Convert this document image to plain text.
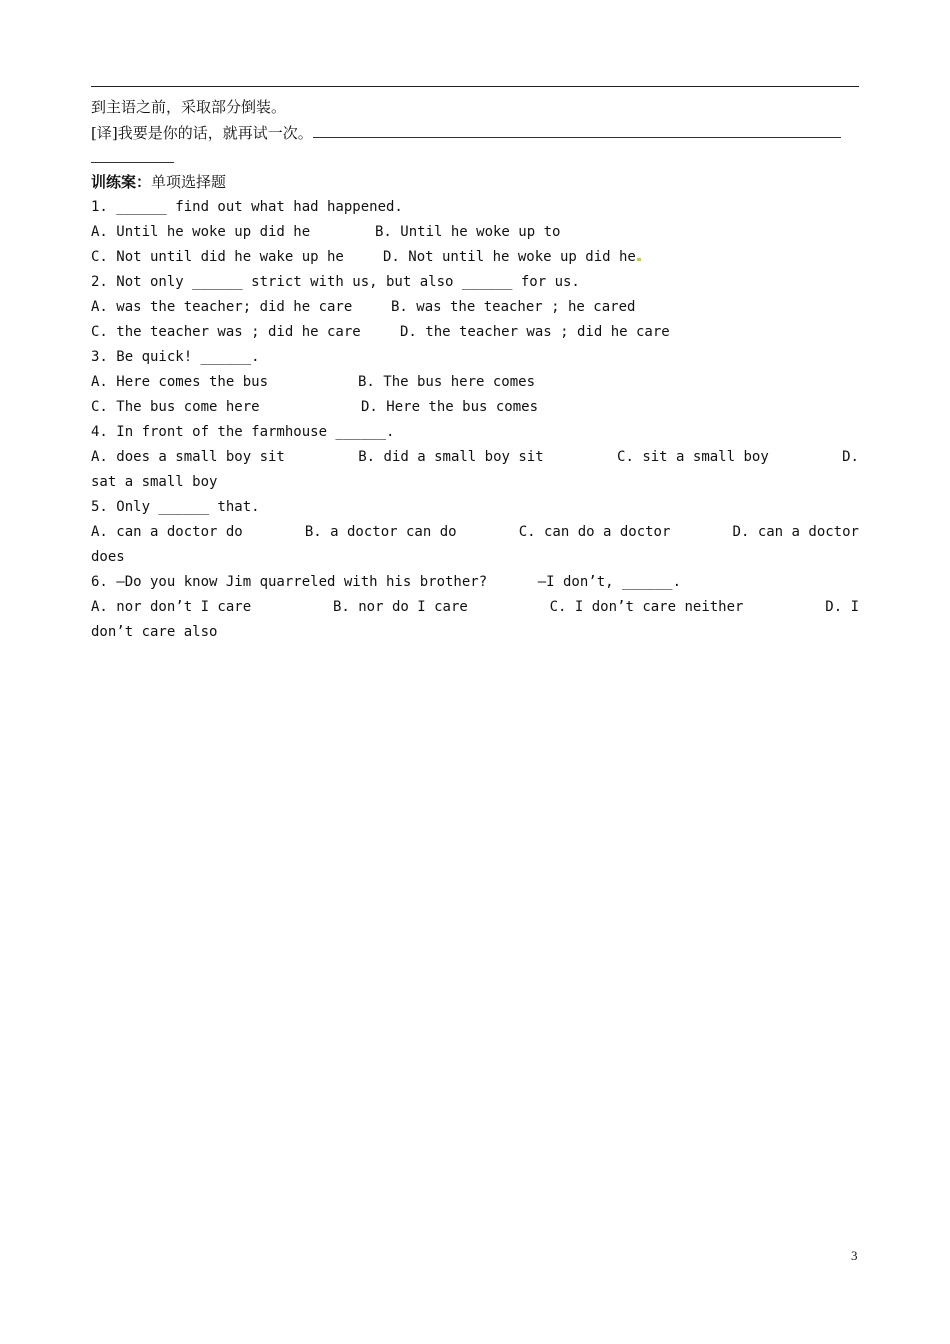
到主语之前，采取部分倒装。
[译]我要是你的话，就再试一次。
训练案：单项选择题
1. ______ find out what had happened.
A. Until he woke up did he	B. Until he woke up to
C. Not until did he wake up he	D. Not until he woke up did he
2. Not only ______ strict with us, but also ______ for us.
A. was the teacher; did he care	B. was the teacher ; he cared
C. the teacher was ; did he care	D. the teacher was ; did he care
3. Be quick! ______.
A. Here comes the bus	B. The bus here comes
C. The bus come here	D. Here the bus comes
4. In front of the farmhouse ______.
A. does a small boy sit	B. did a small boy sit	C. sit a small boy	D.
sat a small boy
5. Only ______ that.
A. can a doctor do	B. a doctor can do	C. can do a doctor	D. can a doctor
does
6. —Do you know Jim quarreled with his brother?      —I don’t, ______.
A. nor don’t I care	B. nor do I care	C. I don’t care neither	D. I
don’t care also
3
